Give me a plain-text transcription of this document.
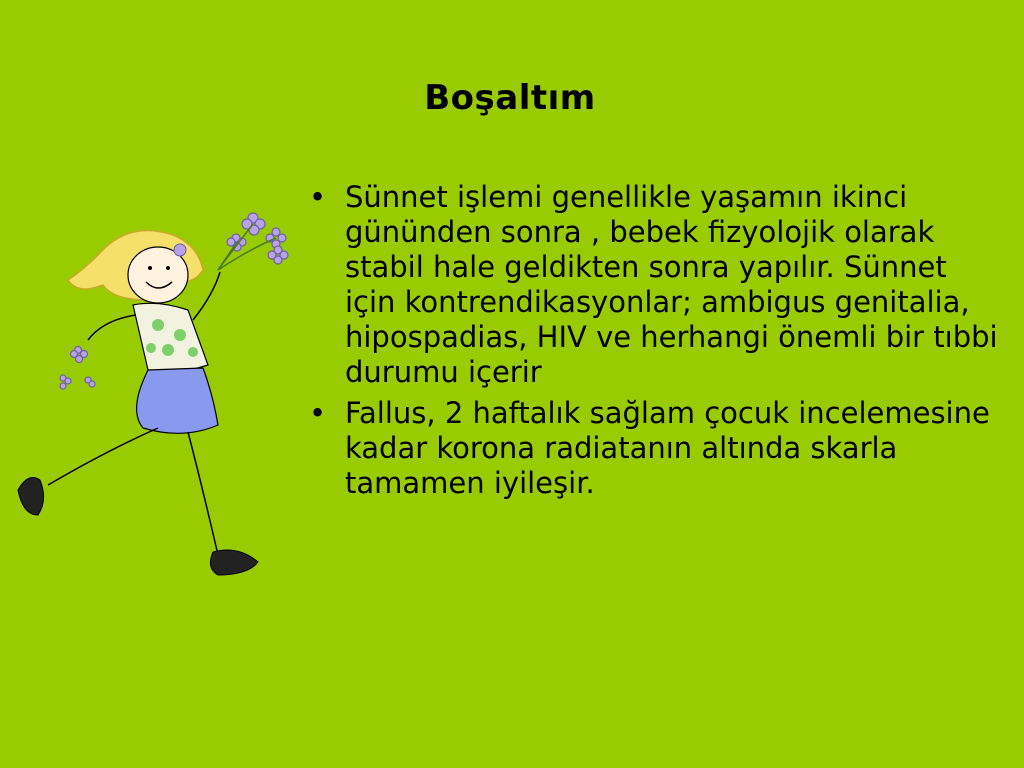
Boşaltım
• Sünnet işlemi genellikle yaşamın ikinci gününden sonra , bebek fizyolojik olarak stabil hale geldikten sonra yapılır. Sünnet için kontrendikasyonlar; ambigus genitalia, hipospadias, HIV ve herhangi önemli bir tıbbi durumu içerir
• Fallus, 2 haftalık sağlam çocuk incelemesine kadar korona radiatanın altında skarla tamamen iyileşir.
